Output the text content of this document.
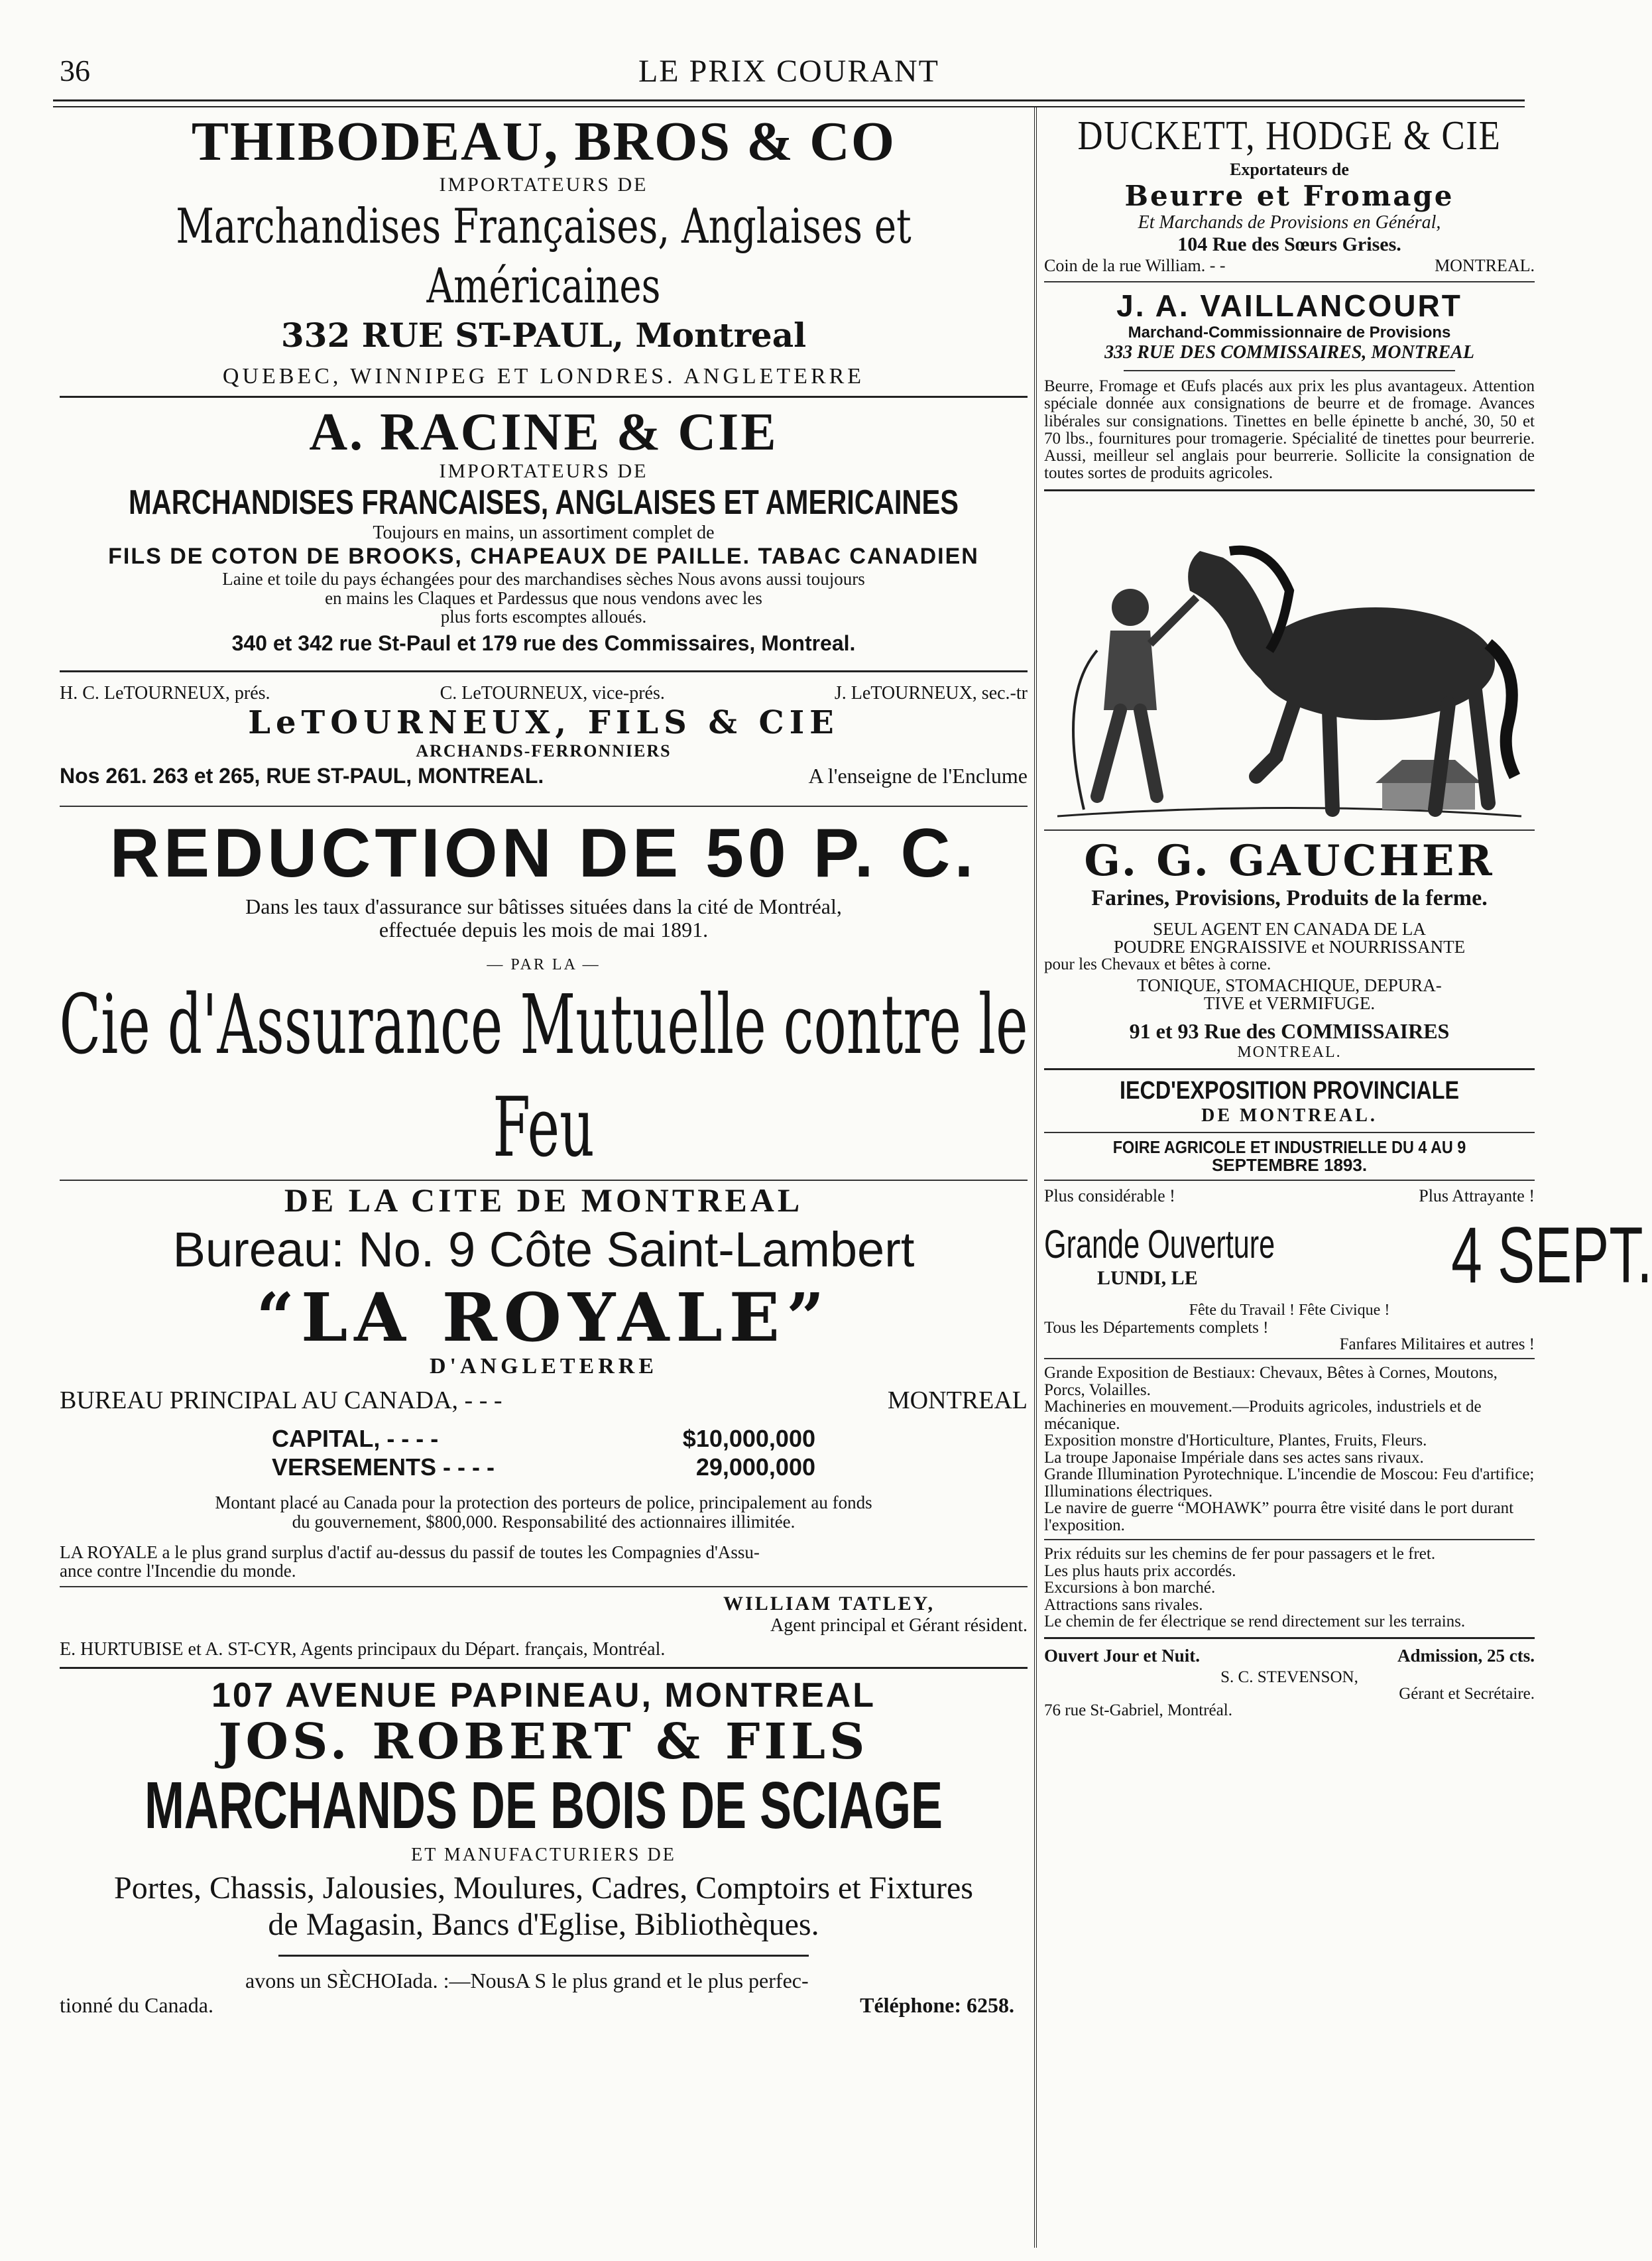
36	LE PRIX COURANT
THIBODEAU, BROS & CO
IMPORTATEURS DE
Marchandises Françaises, Anglaises et Américaines
332 RUE ST-PAUL, Montreal
QUEBEC, WINNIPEG ET LONDRES. ANGLETERRE
A. RACINE & CIE
IMPORTATEURS DE
MARCHANDISES FRANCAISES, ANGLAISES ET AMERICAINES
Toujours en mains, un assortiment complet de
FILS DE COTON DE BROOKS, CHAPEAUX DE PAILLE. TABAC CANADIEN
Laine et toile du pays échangées pour des marchandises sèches Nous avons aussi toujours
en mains les Claques et Pardessus que nous vendons avec les
plus forts escomptes alloués.
340 et 342 rue St-Paul et 179 rue des Commissaires, Montreal.
H. C. LeTOURNEUX, prés.	C. LeTOURNEUX, vice-prés.	J. LeTOURNEUX, sec.-tr
LeTOURNEUX, FILS & CIE
ARCHANDS-FERRONNIERS
Nos 261. 263 et 265, RUE ST-PAUL, MONTREAL.	A l'enseigne de l'Enclume
REDUCTION DE 50 P. C.
Dans les taux d'assurance sur bâtisses situées dans la cité de Montréal,
effectuée depuis les mois de mai 1891.
— PAR LA —
Cie d'Assurance Mutuelle contre le Feu
DE LA CITE DE MONTREAL
Bureau: No. 9 Côte Saint-Lambert
“LA ROYALE”
D'ANGLETERRE
BUREAU PRINCIPAL AU CANADA, - - -	MONTREAL
CAPITAL, - - - -	$10,000,000
VERSEMENTS - - - -	29,000,000
Montant placé au Canada pour la protection des porteurs de police, principalement au fonds
du gouvernement, $800,000. Responsabilité des actionnaires illimitée.
LA ROYALE a le plus grand surplus d'actif au-dessus du passif de toutes les Compagnies d'Assu-
ance contre l'Incendie du monde.
WILLIAM TATLEY,
Agent principal et Gérant résident.
E. HURTUBISE et A. ST-CYR, Agents principaux du Départ. français, Montréal.
107 AVENUE PAPINEAU, MONTREAL
JOS. ROBERT & FILS
MARCHANDS DE BOIS DE SCIAGE
ET MANUFACTURIERS DE
Portes, Chassis, Jalousies, Moulures, Cadres, Comptoirs et Fixtures
de Magasin, Bancs d'Eglise, Bibliothèques.
avons un SÈCHOIada. :—NousA S le plus grand et le plus perfec-
tionné du Canada.	Téléphone: 6258.
DUCKETT, HODGE & CIE
Exportateurs de
Beurre et Fromage
Et Marchands de Provisions en Général,
104 Rue des Sœurs Grises.
Coin de la rue William. - -	MONTREAL.
J. A. VAILLANCOURT
Marchand-Commissionnaire de Provisions
333 RUE DES COMMISSAIRES, MONTREAL
Beurre, Fromage et Œufs placés aux prix les plus avantageux. Attention spéciale donnée aux consignations de beurre et de fromage. Avances libérales sur consignations. Tinettes en belle épinette b anché, 30, 50 et 70 lbs., fournitures pour tromagerie. Spécialité de tinettes pour beurrerie. Aussi, meilleur sel anglais pour beurrerie. Sollicite la consignation de toutes sortes de produits agricoles.
G. G. GAUCHER
Farines, Provisions, Produits de la ferme.
SEUL AGENT EN CANADA DE LA
POUDRE ENGRAISSIVE et NOURRISSANTE
pour les Chevaux et bêtes à corne.
TONIQUE, STOMACHIQUE, DEPURA-
TIVE et VERMIFUGE.
91 et 93 Rue des COMMISSAIRES
MONTREAL.
IECD'EXPOSITION PROVINCIALE
DE MONTREAL.
FOIRE AGRICOLE ET INDUSTRIELLE DU 4 AU 9
SEPTEMBRE 1893.
Plus considérable !	Plus Attrayante !
Grande Ouverture
LUNDI, LE	4 SEPT.
Fête du Travail ! Fête Civique !
Tous les Départements complets !
Fanfares Militaires et autres !
Grande Exposition de Bestiaux: Chevaux, Bêtes à Cornes, Moutons, Porcs, Volailles.
Machineries en mouvement.—Produits agricoles, industriels et de mécanique.
Exposition monstre d'Horticulture, Plantes, Fruits, Fleurs.
La troupe Japonaise Impériale dans ses actes sans rivaux.
Grande Illumination Pyrotechnique. L'incendie de Moscou: Feu d'artifice; Illuminations électriques.
Le navire de guerre “MOHAWK” pourra être visité dans le port durant l'exposition.
Prix réduits sur les chemins de fer pour passagers et le fret.
Les plus hauts prix accordés.
Excursions à bon marché.
Attractions sans rivales.
Le chemin de fer électrique se rend directement sur les terrains.
Ouvert Jour et Nuit.	Admission, 25 cts.
S. C. STEVENSON,
Gérant et Secrétaire.
76 rue St-Gabriel, Montréal.
